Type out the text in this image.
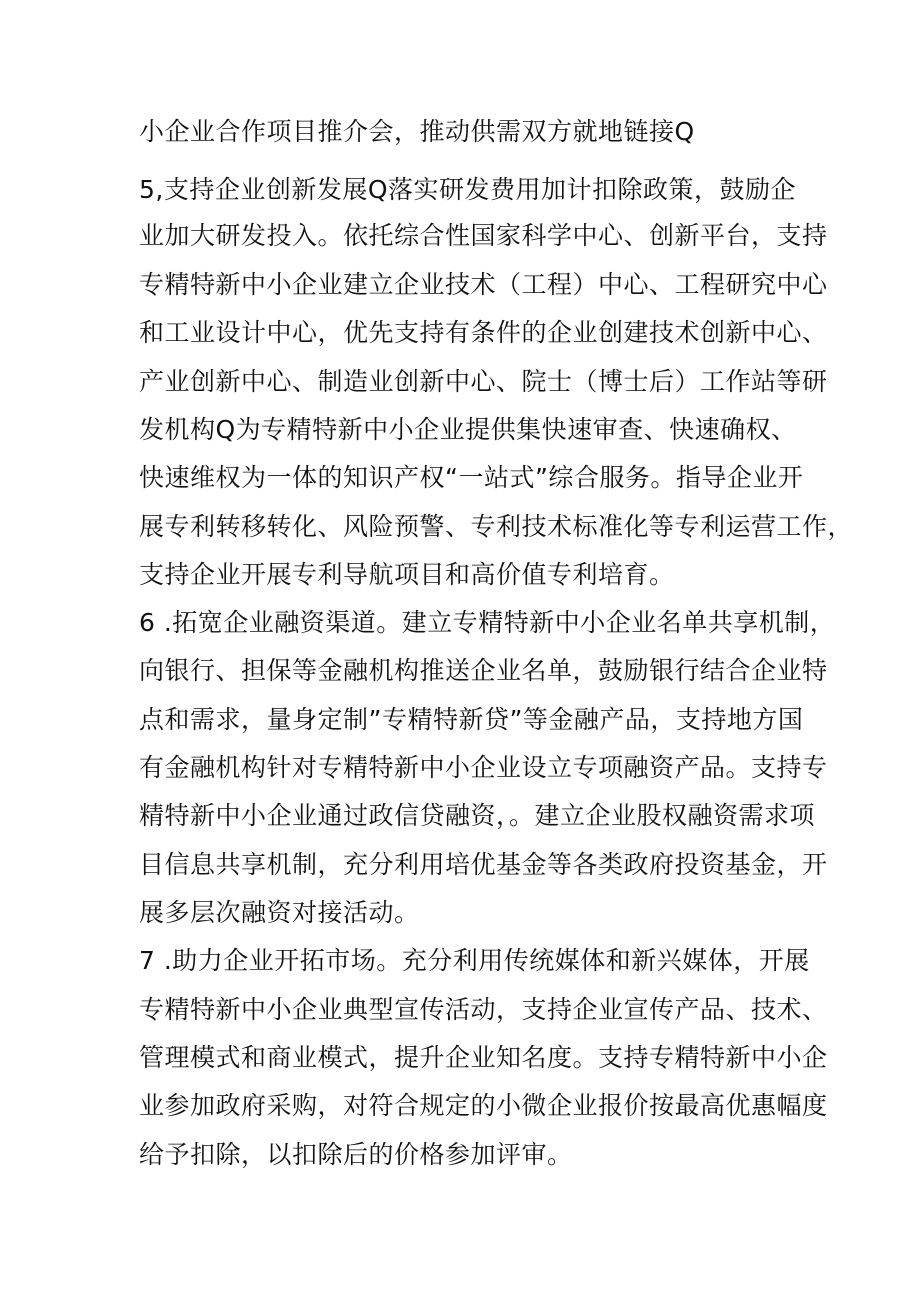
小企业合作项目推介会，推动供需双方就地链接Q
5,支持企业创新发展Q落实研发费用加计扣除政策，鼓励企
业加大研发投入。依托综合性国家科学中心、创新平台，支持
专精特新中小企业建立企业技术（工程）中心、工程研究中心
和工业设计中心，优先支持有条件的企业创建技术创新中心、
产业创新中心、制造业创新中心、院士（博士后）工作站等研
发机构Q为专精特新中小企业提供集快速审查、快速确权、
快速维权为一体的知识产权“一站式”综合服务。指导企业开
展专利转移转化、风险预警、专利技术标准化等专利运营工作，
支持企业开展专利导航项目和高价值专利培育。
6 .拓宽企业融资渠道。建立专精特新中小企业名单共享机制，
向银行、担保等金融机构推送企业名单，鼓励银行结合企业特
点和需求，量身定制”专精特新贷”等金融产品，支持地方国
有金融机构针对专精特新中小企业设立专项融资产品。支持专
精特新中小企业通过政信贷融资，。建立企业股权融资需求项
目信息共享机制，充分利用培优基金等各类政府投资基金，开
展多层次融资对接活动。
7 .助力企业开拓市场。充分利用传统媒体和新兴媒体，开展
专精特新中小企业典型宣传活动，支持企业宣传产品、技术、
管理模式和商业模式，提升企业知名度。支持专精特新中小企
业参加政府采购，对符合规定的小微企业报价按最高优惠幅度
给予扣除，以扣除后的价格参加评审。
